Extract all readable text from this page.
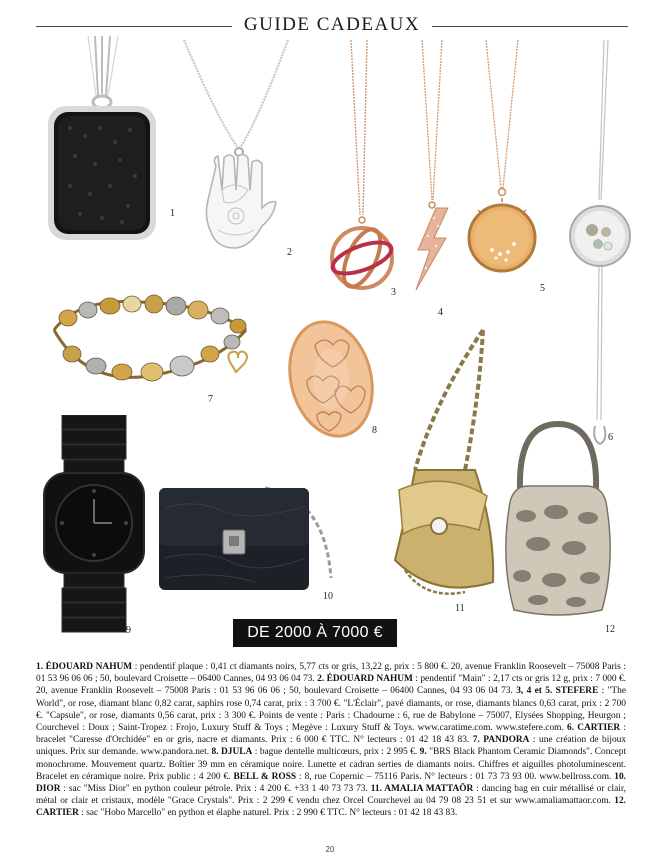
GUIDE CADEAUX
1
2
3
4
5
6
7
8
9
10
11
12
DE 2000 À 7000 €
1. ÉDOUARD NAHUM : pendentif plaque : 0,41 ct diamants noirs, 5,77 cts or gris, 13,22 g, prix : 5 800 €. 20, avenue Franklin Roosevelt – 75008 Paris : 01 53 96 06 06 ; 50, boulevard Croisette – 06400 Cannes, 04 93 06 04 73. 2. ÉDOUARD NAHUM : pendentif "Main" : 2,17 cts or gris 12 g, prix : 7 000 €. 20, avenue Franklin Roosevelt – 75008 Paris : 01 53 96 06 06 ; 50, boulevard Croisette – 06400 Cannes, 04 93 06 04 73. 3, 4 et 5. STEFERE : "The World", or rose, diamant blanc 0,82 carat, saphirs rose 0,74 carat, prix : 3 700 €. "L'Éclair", pavé diamants, or rose, diamants blancs 0,63 carat, prix : 2 700 €. "Capsule", or rose, diamants 0,56 carat, prix : 3 300 €. Points de vente : Paris : Chadourne : 6, rue de Babylone – 75007, Elysées Shopping, Heurgon ; Courchevel : Doux ; Saint-Tropez : Frojo, Luxury Stuff & Toys ; Megève : Luxury Stuff & Toys. www.caratime.com. www.stefere.com. 6. CARTIER : bracelet "Caresse d'Orchidée" en or gris, nacre et diamants. Prix : 6 000 € TTC. N° lecteurs : 01 42 18 43 83. 7. PANDORA : une création de bijoux uniques. Prix sur demande. www.pandora.net. 8. DJULA : bague dentelle multicœurs, prix : 2 995 €. 9. "BRS Black Phantom Ceramic Diamonds". Concept monochrome. Mouvement quartz. Boîtier 39 mm en céramique noire. Lunette et cadran serties de diamants noirs. Chiffres et aiguilles photoluminescent. Bracelet en céramique noire. Prix public : 4 200 €. BELL & ROSS : 8, rue Copernic – 75116 Paris. N° lecteurs : 01 73 73 93 00. www.bellross.com. 10. DIOR : sac "Miss Dior" en python couleur pétrole. Prix : 4 200 €. +33 1 40 73 73 73. 11. AMALIA MATTAÖR : dancing bag en cuir métallisé or clair, métal or clair et cristaux, modèle "Grace Crystals". Prix : 2 299 € vendu chez Orcel Courchevel au 04 79 08 23 51 et sur www.amaliamattaor.com. 12. CARTIER : sac "Hobo Marcello" en python et élaphe naturel. Prix : 2 990 € TTC. N° lecteurs : 01 42 18 43 83.
20
